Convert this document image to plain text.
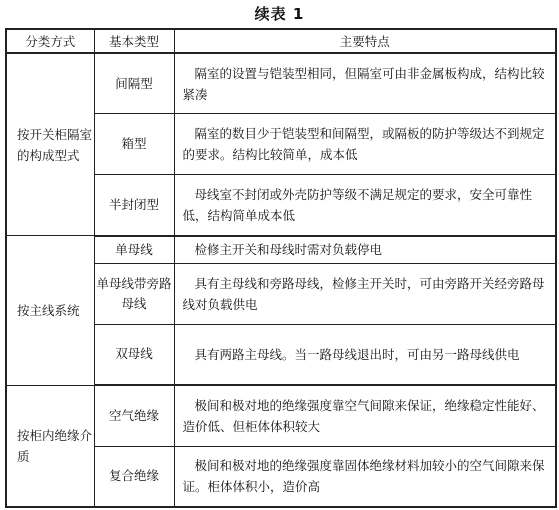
续表 1
分类方式	基本类型	主要特点
按开关柜隔室的构成型式	间隔型	隔室的设置与铠装型相同，但隔室可由非金属板构成，结构比较紧凑
	箱型	隔室的数目少于铠装型和间隔型，或隔板的防护等级达不到规定的要求。结构比较简单，成本低
	半封闭型	母线室不封闭或外壳防护等级不满足规定的要求，安全可靠性低，结构简单成本低
按主线系统	单母线	检修主开关和母线时需对负载停电
	单母线带旁路母线	具有主母线和旁路母线，检修主开关时，可由旁路开关经旁路母线对负载供电
	双母线	具有两路主母线。当一路母线退出时，可由另一路母线供电
按柜内绝缘介质	空气绝缘	极间和极对地的绝缘强度靠空气间隙来保证，绝缘稳定性能好、造价低、但柜体体积较大
	复合绝缘	极间和极对地的绝缘强度靠固体绝缘材料加较小的空气间隙来保证。柜体体积小，造价高
